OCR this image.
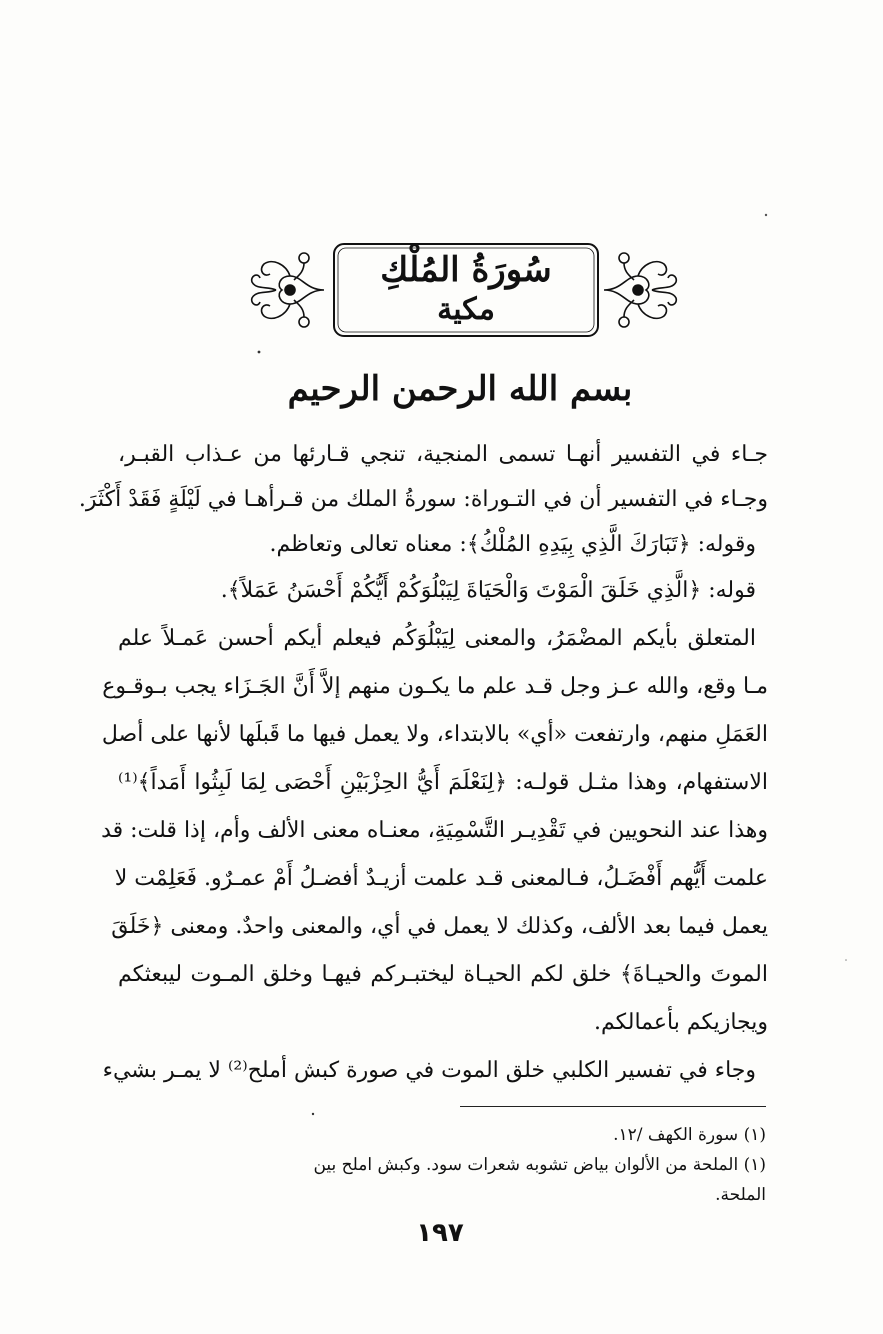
سُورَةُ المُلْكِ
مكية
بسم الله الرحمن الرحيم
جـاء في التفسير أنهـا تسمى المنجية، تنجي قـارئها من عـذاب القبـر،
وجـاء في التفسير أن في التـوراة: سورةُ الملك من قـرأهـا في لَيْلَةٍ فَقَدْ أَكْثَرَ.
وقوله: ﴿تَبَارَكَ الَّذِي بِيَدِهِ المُلْكُ﴾: معناه تعالى وتعاظم.
قوله: ﴿الَّذِي خَلَقَ الْمَوْتَ وَالْحَيَاةَ لِيَبْلُوَكُمْ أَيُّكُمْ أَحْسَنُ عَمَلاً﴾.
المتعلق بأيكم المضْمَرُ، والمعنى لِيَبْلُوَكُم فيعلم أيكم أحسن عَمـلاً علم
مـا وقع، والله عـز وجل قـد علم ما يكـون منهم إلاَّ أَنَّ الجَـزَاء يجب بـوقـوع
العَمَلِ منهم، وارتفعت «أي» بالابتداء، ولا يعمل فيها ما قَبلَها لأنها على أصل
الاستفهام، وهذا مثـل قولـه: ﴿لِنَعْلَمَ أَيُّ الحِزْبَيْنِ أَحْصَى لِمَا لَبِثُوا أَمَداً﴾⁽¹⁾
وهذا عند النحويين في تَقْدِيـر التَّسْمِيَةِ، معنـاه معنى الألف وأم، إذا قلت: قد
علمت أَيُّهم أَفْضَـلُ، فـالمعنى قـد علمت أزيـدٌ أفضـلُ أَمْ عمـرٌو. فَعَلِمْت لا
يعمل فيما بعد الألف، وكذلك لا يعمل في أي، والمعنى واحدٌ. ومعنى ﴿خَلَقَ
الموتَ والحيـاةَ﴾ خلق لكم الحيـاة ليختبـركم فيهـا وخلق المـوت ليبعثكم
ويجازيكم بأعمالكم.
وجاء في تفسير الكلبي خلق الموت في صورة كبش أملح⁽²⁾ لا يمـر بشيء
(١) سورة الكهف /١٢.
(١) الملحة من الألوان بياض تشوبه شعرات سود. وكبش املح بين الملحة.
١٩٧
